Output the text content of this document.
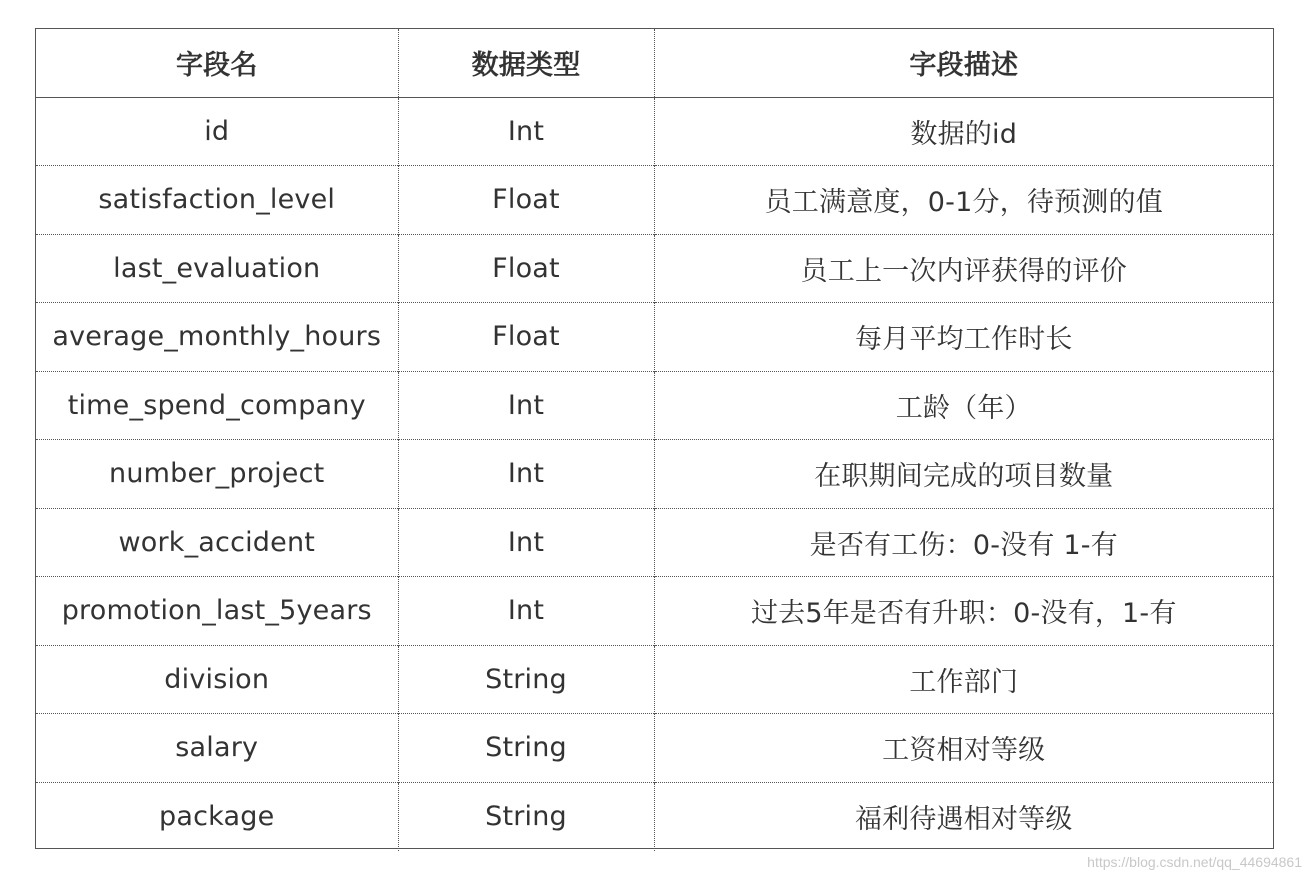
字段名	数据类型	字段描述
id	Int	数据的id
satisfaction_level	Float	员工满意度，0-1分，待预测的值
last_evaluation	Float	员工上一次内评获得的评价
average_monthly_hours	Float	每月平均工作时长
time_spend_company	Int	工龄（年）
number_project	Int	在职期间完成的项目数量
work_accident	Int	是否有工伤：0-没有 1-有
promotion_last_5years	Int	过去5年是否有升职：0-没有，1-有
division	String	工作部门
salary	String	工资相对等级
package	String	福利待遇相对等级
https://blog.csdn.net/qq_44694861
